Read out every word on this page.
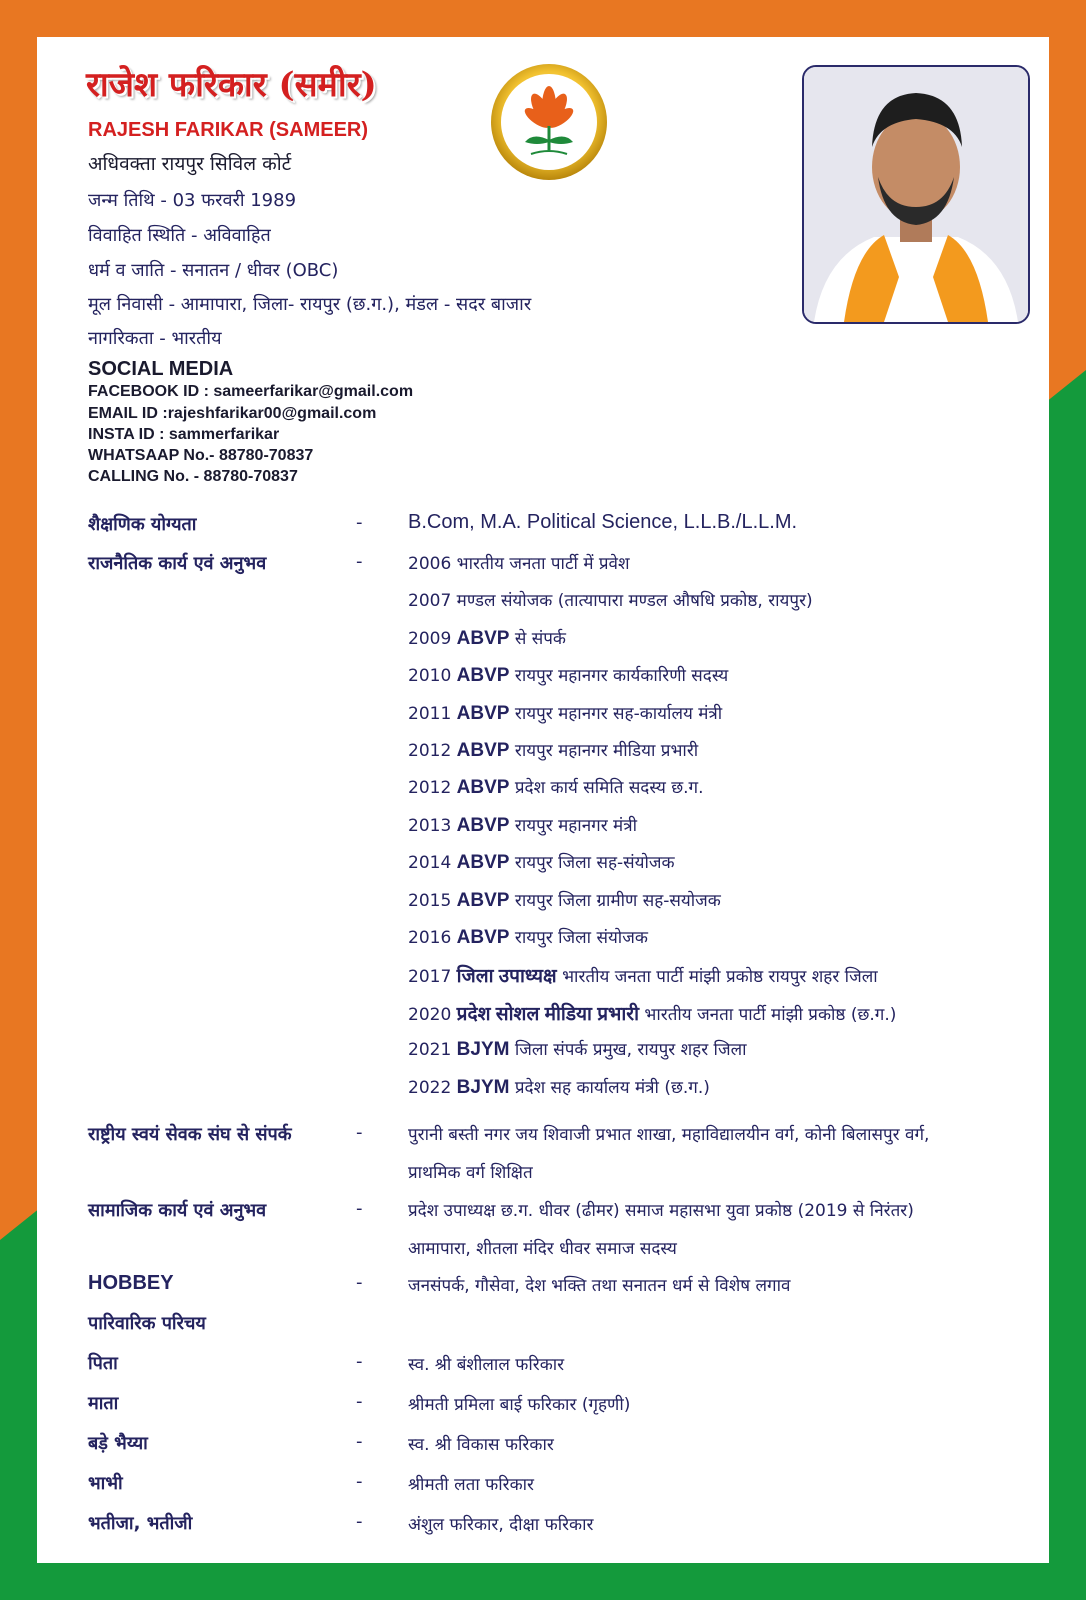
राजेश फरिकार (समीर)
RAJESH FARIKAR (SAMEER)
अधिवक्ता रायपुर सिविल कोर्ट
जन्म तिथि - 03 फरवरी 1989
विवाहित स्थिति - अविवाहित
धर्म व जाति - सनातन / धीवर (OBC)
मूल निवासी - आमापारा, जिला- रायपुर (छ.ग.), मंडल - सदर बाजार
नागरिकता - भारतीय
SOCIAL MEDIA
FACEBOOK ID : sameerfarikar@gmail.com
EMAIL ID :rajeshfarikar00@gmail.com
INSTA ID : sammerfarikar
WHATSAAP No.- 88780-70837
CALLING No. - 88780-70837
शैक्षणिक योग्यता	- B.Com, M.A. Political Science, L.L.B./L.L.M.
राजनैतिक कार्य एवं अनुभव	-	2006 भारतीय जनता पार्टी में प्रवेश
2007 मण्डल संयोजक (तात्यापारा मण्डल औषधि प्रकोष्ठ, रायपुर)
2009 ABVP से संपर्क
2010 ABVP रायपुर महानगर कार्यकारिणी सदस्य
2011 ABVP रायपुर महानगर सह-कार्यालय मंत्री
2012 ABVP रायपुर महानगर मीडिया प्रभारी
2012 ABVP प्रदेश कार्य समिति सदस्य छ.ग.
2013 ABVP रायपुर महानगर मंत्री
2014 ABVP रायपुर जिला सह-संयोजक
2015 ABVP रायपुर जिला ग्रामीण सह-सयोजक
2016 ABVP रायपुर जिला संयोजक
2017 जिला उपाध्यक्ष भारतीय जनता पार्टी मांझी प्रकोष्ठ रायपुर शहर जिला
2020 प्रदेश सोशल मीडिया प्रभारी भारतीय जनता पार्टी मांझी प्रकोष्ठ (छ.ग.)
2021 BJYM जिला संपर्क प्रमुख, रायपुर शहर जिला
2022 BJYM प्रदेश सह कार्यालय मंत्री (छ.ग.)
राष्ट्रीय स्वयं सेवक संघ से संपर्क	-	पुरानी बस्ती नगर जय शिवाजी प्रभात शाखा, महाविद्यालयीन वर्ग, कोनी बिलासपुर वर्ग,
प्राथमिक वर्ग शिक्षित
सामाजिक कार्य एवं अनुभव	-	प्रदेश उपाध्यक्ष छ.ग. धीवर (ढीमर) समाज महासभा युवा प्रकोष्ठ (2019 से निरंतर)
आमापारा, शीतला मंदिर धीवर समाज सदस्य
HOBBEY	-	जनसंपर्क, गौसेवा, देश भक्ति तथा सनातन धर्म से विशेष लगाव
पारिवारिक परिचय
पिता	-	स्व. श्री बंशीलाल फरिकार
माता	-	श्रीमती प्रमिला बाई फरिकार (गृहणी)
बड़े भैय्या	-	स्व. श्री विकास फरिकार
भाभी	-	श्रीमती लता फरिकार
भतीजा, भतीजी	-	अंशुल फरिकार, दीक्षा फरिकार
